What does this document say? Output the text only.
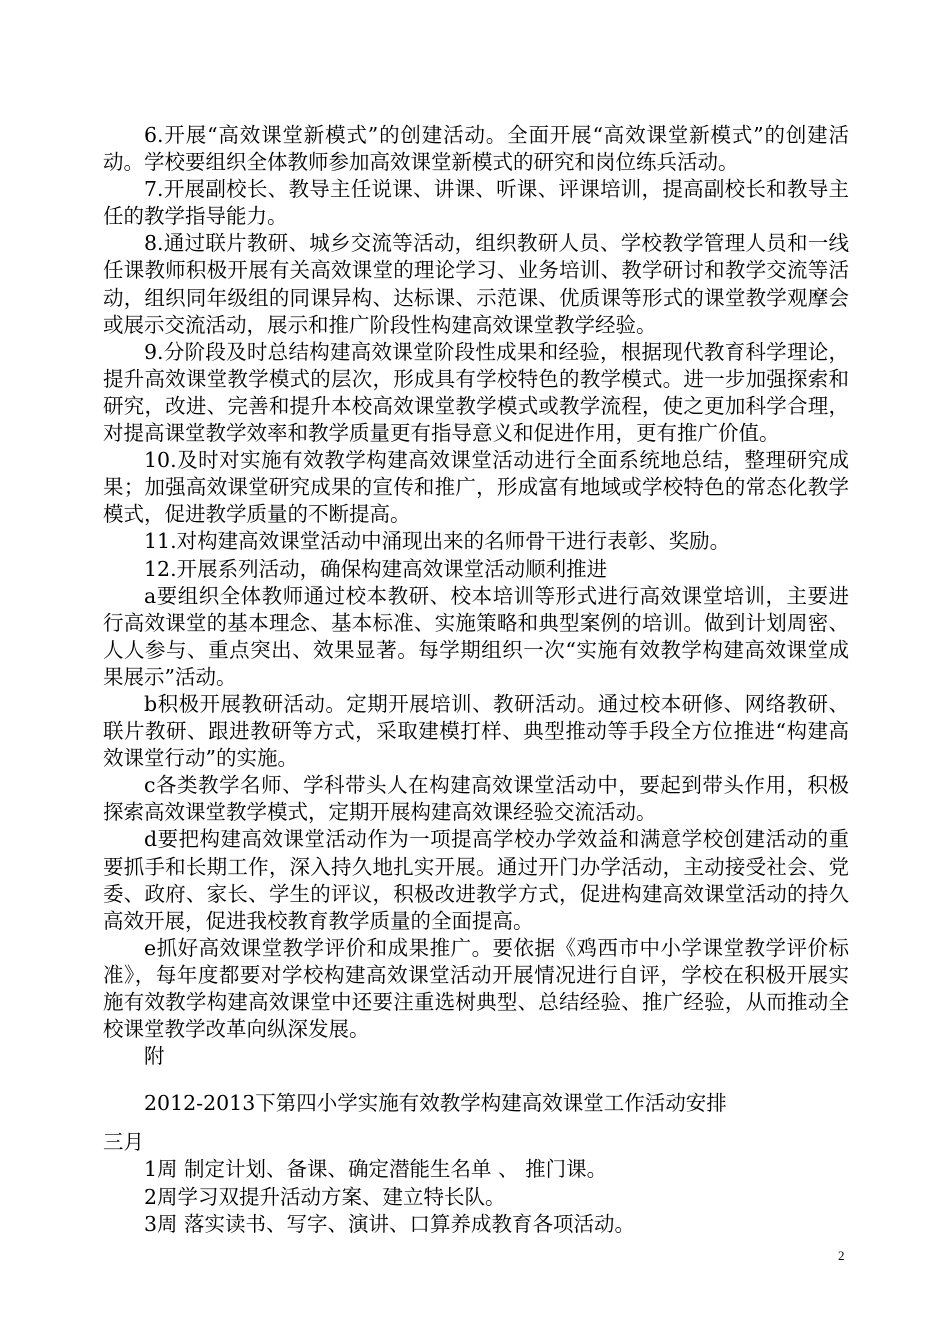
6.开展“高效课堂新模式”的创建活动。全面开展“高效课堂新模式”的创建活动。学校要组织全体教师参加高效课堂新模式的研究和岗位练兵活动。

7.开展副校长、教导主任说课、讲课、听课、评课培训，提高副校长和教导主任的教学指导能力。

8.通过联片教研、城乡交流等活动，组织教研人员、学校教学管理人员和一线任课教师积极开展有关高效课堂的理论学习、业务培训、教学研讨和教学交流等活动，组织同年级组的同课异构、达标课、示范课、优质课等形式的课堂教学观摩会或展示交流活动，展示和推广阶段性构建高效课堂教学经验。

9.分阶段及时总结构建高效课堂阶段性成果和经验，根据现代教育科学理论，提升高效课堂教学模式的层次，形成具有学校特色的教学模式。进一步加强探索和研究，改进、完善和提升本校高效课堂教学模式或教学流程，使之更加科学合理，对提高课堂教学效率和教学质量更有指导意义和促进作用，更有推广价值。

10.及时对实施有效教学构建高效课堂活动进行全面系统地总结，整理研究成果；加强高效课堂研究成果的宣传和推广，形成富有地域或学校特色的常态化教学模式，促进教学质量的不断提高。

11.对构建高效课堂活动中涌现出来的名师骨干进行表彰、奖励。

12.开展系列活动，确保构建高效课堂活动顺利推进

a要组织全体教师通过校本教研、校本培训等形式进行高效课堂培训，主要进行高效课堂的基本理念、基本标准、实施策略和典型案例的培训。做到计划周密、人人参与、重点突出、效果显著。每学期组织一次“实施有效教学构建高效课堂成果展示”活动。

b积极开展教研活动。定期开展培训、教研活动。通过校本研修、网络教研、联片教研、跟进教研等方式，采取建模打样、典型推动等手段全方位推进“构建高效课堂行动”的实施。

c各类教学名师、学科带头人在构建高效课堂活动中，要起到带头作用，积极探索高效课堂教学模式，定期开展构建高效课经验交流活动。

d要把构建高效课堂活动作为一项提高学校办学效益和满意学校创建活动的重要抓手和长期工作，深入持久地扎实开展。通过开门办学活动，主动接受社会、党委、政府、家长、学生的评议，积极改进教学方式，促进构建高效课堂活动的持久高效开展，促进我校教育教学质量的全面提高。

e抓好高效课堂教学评价和成果推广。要依据《鸡西市中小学课堂教学评价标准》，每年度都要对学校构建高效课堂活动开展情况进行自评，学校在积极开展实施有效教学构建高效课堂中还要注重选树典型、总结经验、推广经验，从而推动全校课堂教学改革向纵深发展。

附

2012-2013下第四小学实施有效教学构建高效课堂工作活动安排

三月

1周 制定计划、备课、确定潜能生名单 、 推门课。

2周学习双提升活动方案、建立特长队。

3周 落实读书、写字、演讲、口算养成教育各项活动。

2
